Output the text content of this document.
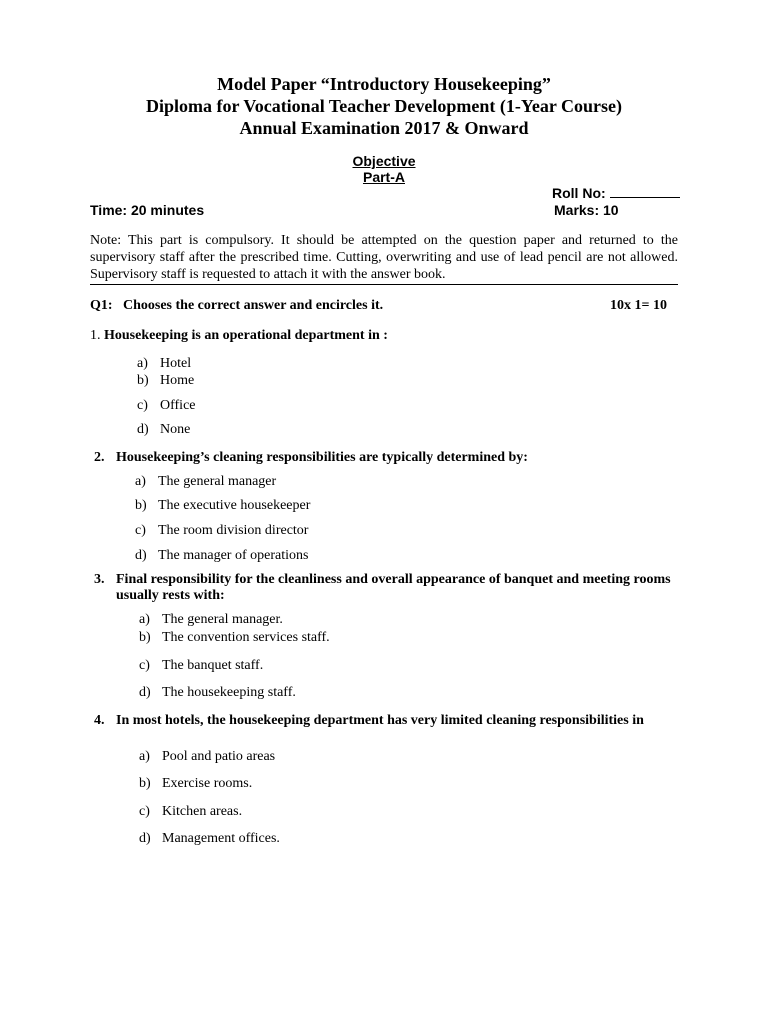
Model Paper “Introductory Housekeeping”
Diploma for Vocational Teacher Development (1-Year Course)
Annual Examination 2017 & Onward
Objective
Part-A
Roll No:
Time: 20 minutes	Marks: 10
Note: This part is compulsory. It should be attempted on the question paper and returned to the supervisory staff after the prescribed time. Cutting, overwriting and use of lead pencil are not allowed. Supervisory staff is requested to attach it with the answer book.
Q1: Chooses the correct answer and encircles it.	10x 1= 10
1. Housekeeping is an operational department in :
a) Hotel
b) Home
c) Office
d) None
2. Housekeeping’s cleaning responsibilities are typically determined by:
a) The general manager
b) The executive housekeeper
c) The room division director
d) The manager of operations
3. Final responsibility for the cleanliness and overall appearance of banquet and meeting rooms
usually rests with:
a) The general manager.
b) The convention services staff.
c) The banquet staff.
d) The housekeeping staff.
4. In most hotels, the housekeeping department has very limited cleaning responsibilities in
a) Pool and patio areas
b) Exercise rooms.
c) Kitchen areas.
d) Management offices.
